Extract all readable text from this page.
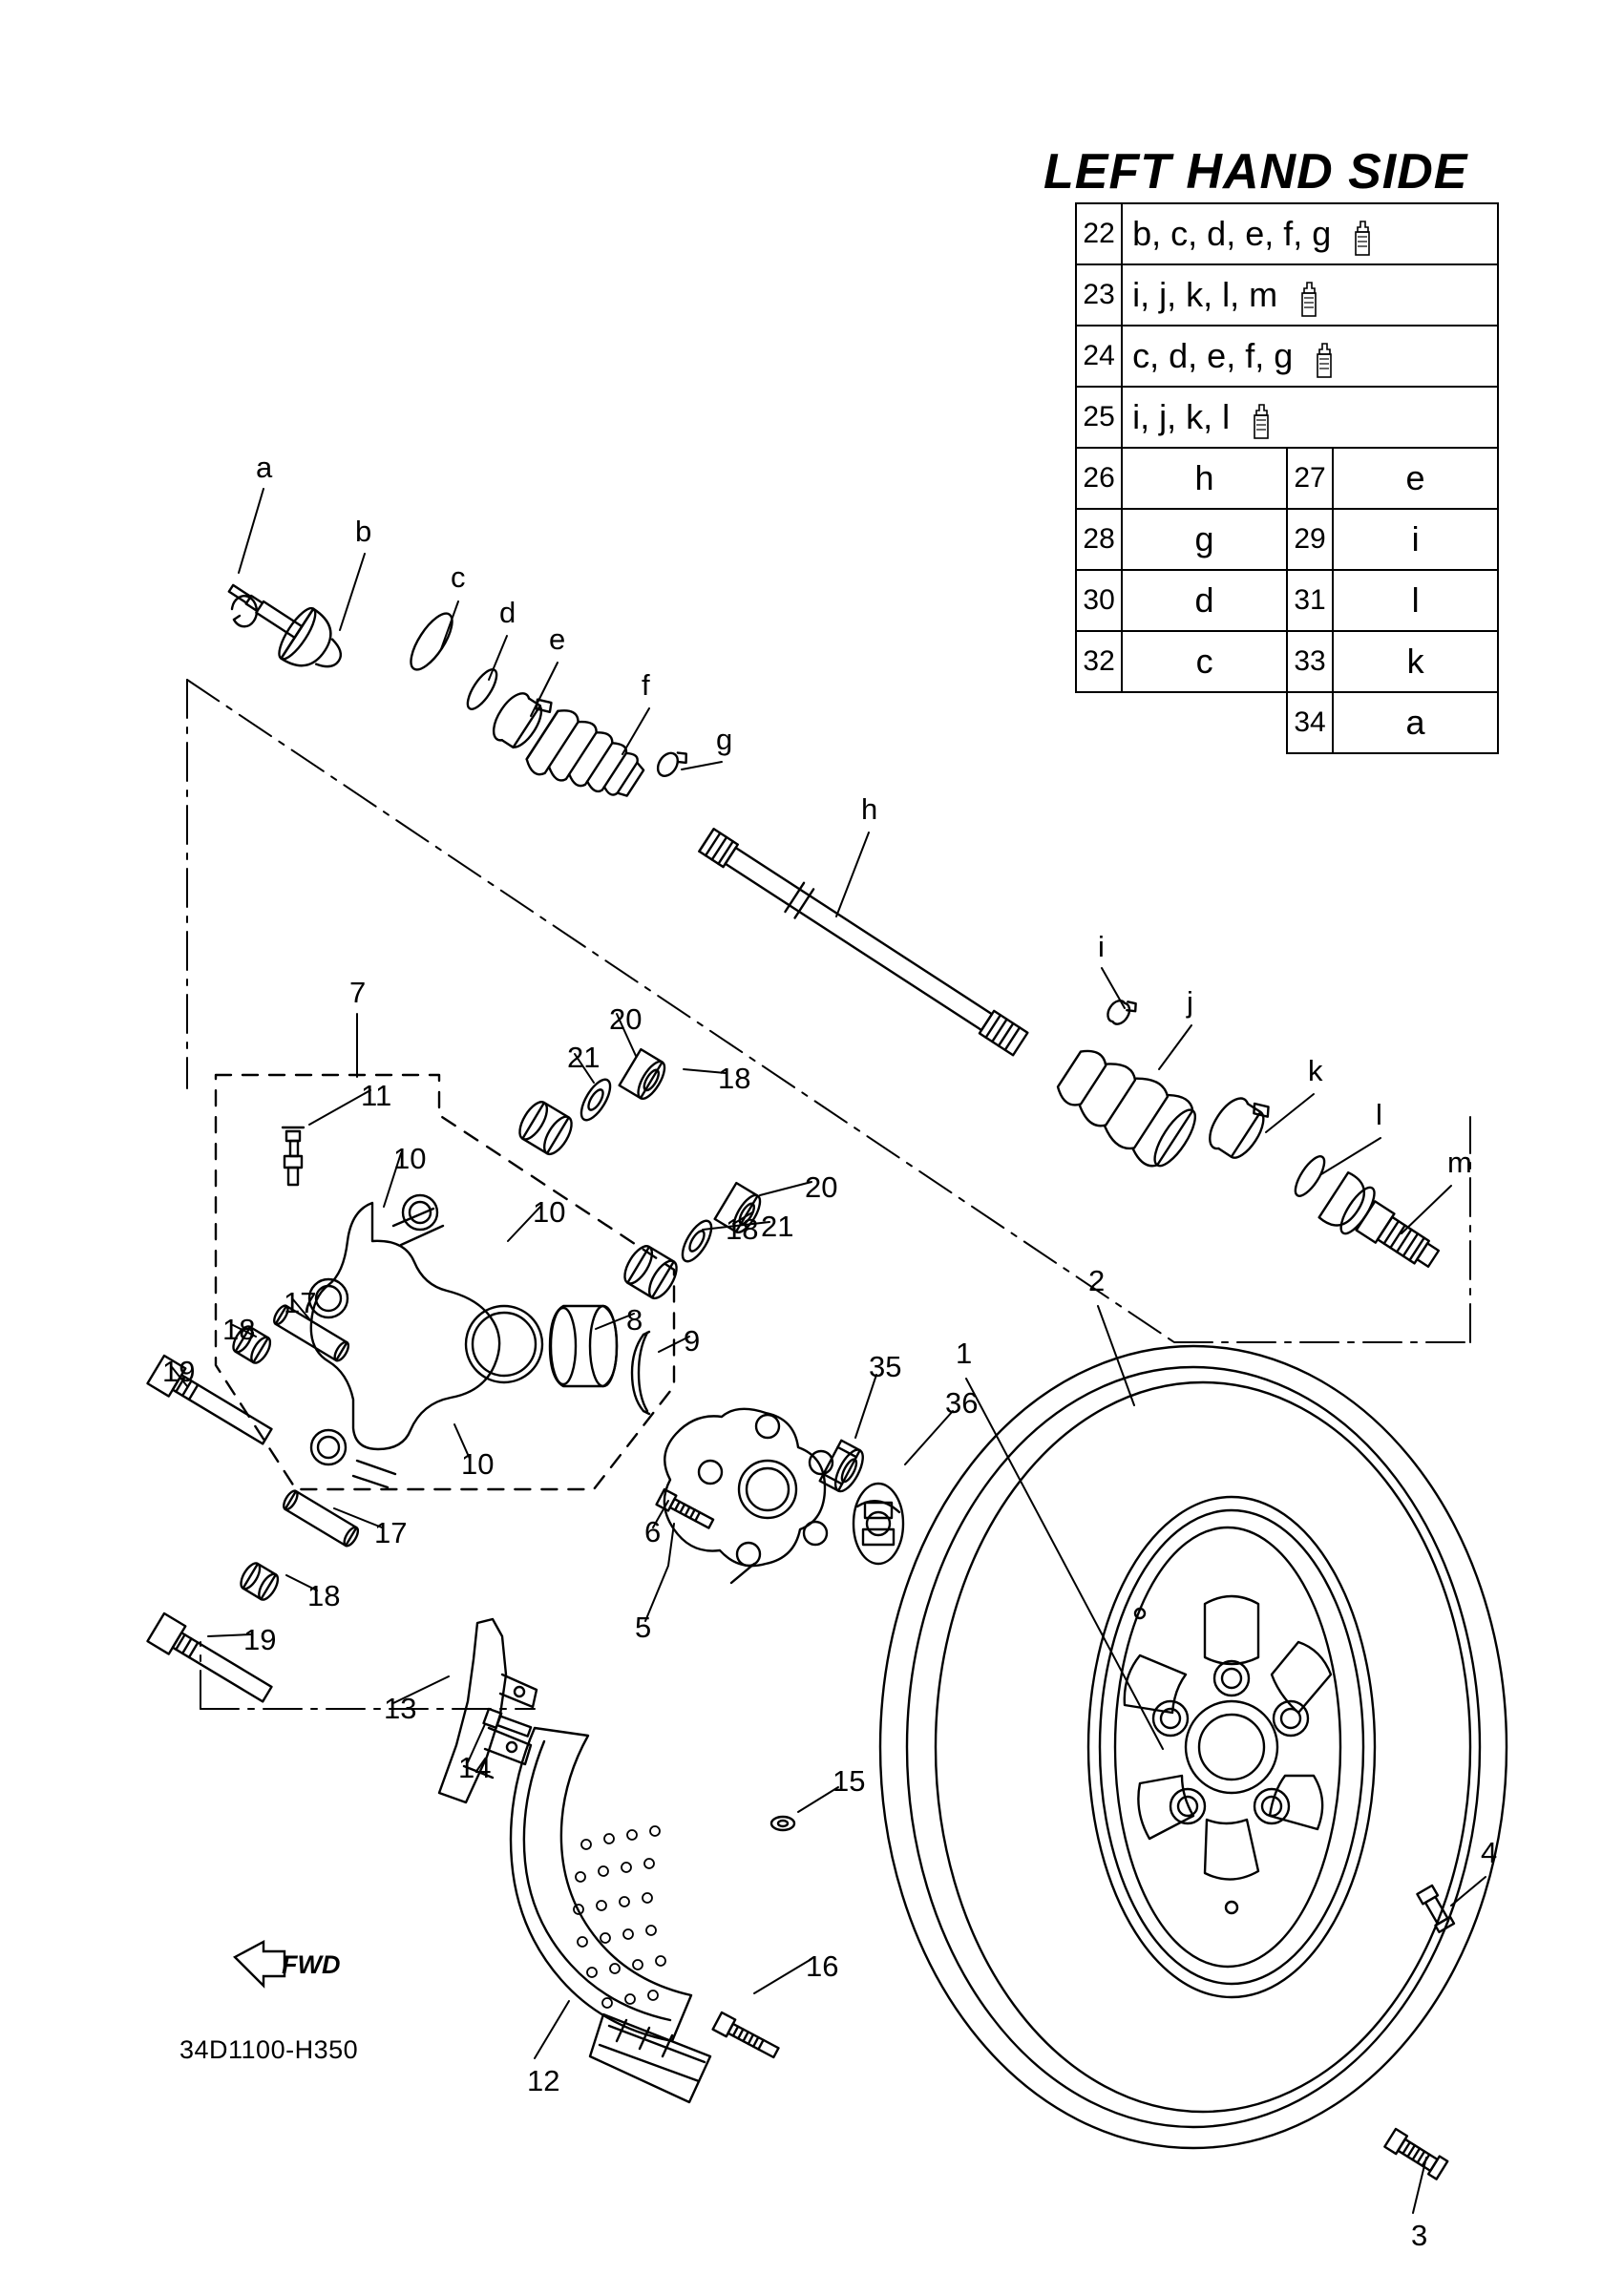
LEFT HAND SIDE
22	b, c, d, e, f, g		

23	i, j, k, l, m		

24	c, d, e, f, g		

25	i, j, k, l		

26	h	27	e
28	g	29	i
30	d	31	l
32	c	33	k
		34	a
a
b
c
d
e
f
g
h
i
j
k
l
m
1
2
3
4
5
6
7
8
9
10
10
10
11
12
13
14	15
16
17
17
18
18
18
18
19
19
20
20
21
21
35
36
FWD
34D1100-H350
